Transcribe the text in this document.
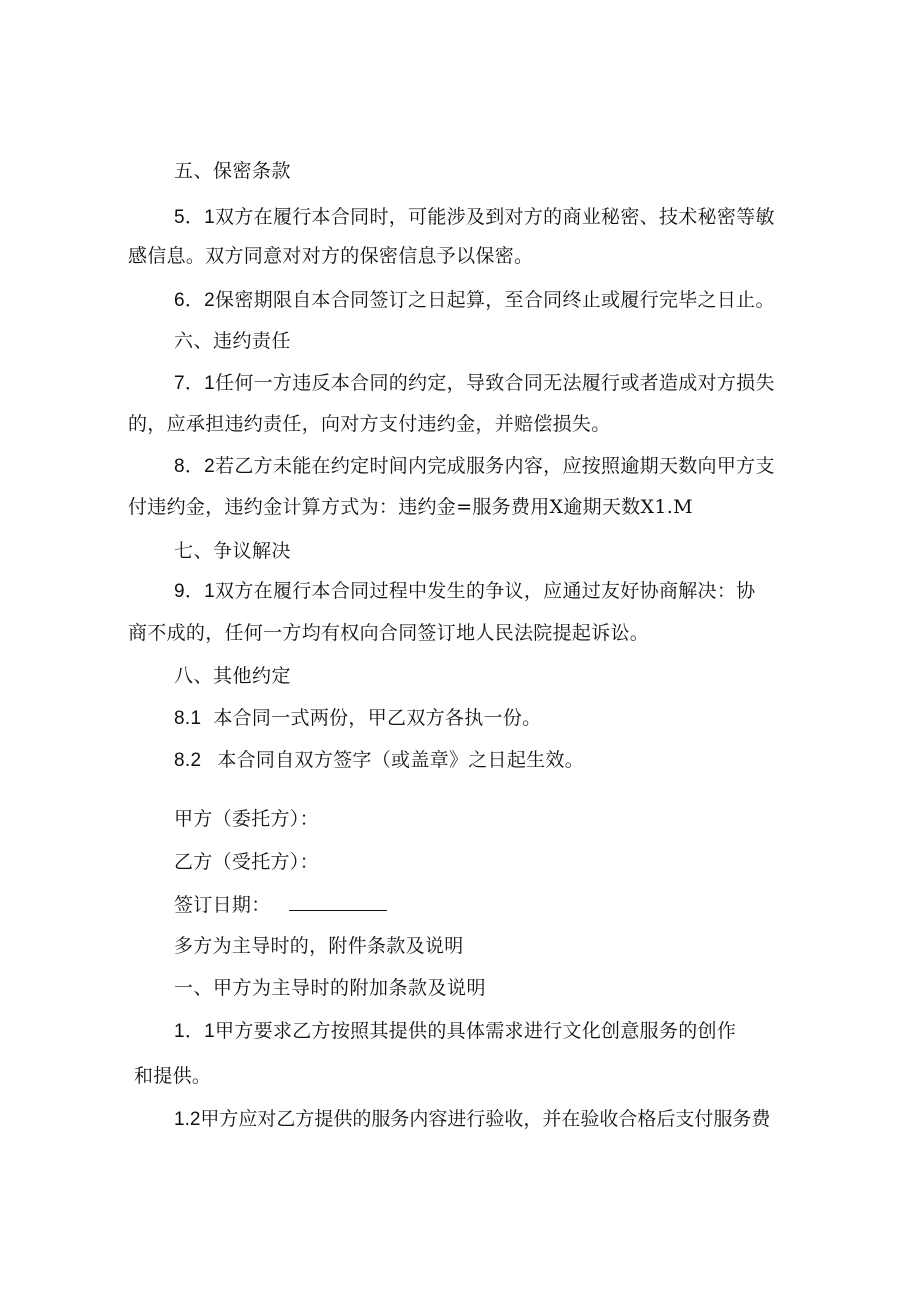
五、保密条款
5．1双方在履行本合同时，可能涉及到对方的商业秘密、技术秘密等敏
感信息。双方同意对对方的保密信息予以保密。
6．2保密期限自本合同签订之日起算，至合同终止或履行完毕之日止。
六、违约责任
7．1任何一方违反本合同的约定，导致合同无法履行或者造成对方损失
的，应承担违约责任，向对方支付违约金，并赔偿损失。
8．2若乙方未能在约定时间内完成服务内容，应按照逾期天数向甲方支
付违约金，违约金计算方式为：违约金=服务费用X逾期天数X1.M
七、争议解决
9．1双方在履行本合同过程中发生的争议，应通过友好协商解决：协
商不成的，任何一方均有权向合同签订地人民法院提起诉讼。
八、其他约定
8.1 本合同一式两份，甲乙双方各执一份。
8.2 本合同自双方签字（或盖章》之日起生效。
甲方（委托方）：
乙方（受托方）：
签订日期：
多方为主导时的，附件条款及说明
一、甲方为主导时的附加条款及说明
1．1甲方要求乙方按照其提供的具体需求进行文化创意服务的创作
和提供。
1.2甲方应对乙方提供的服务内容进行验收，并在验收合格后支付服务费
